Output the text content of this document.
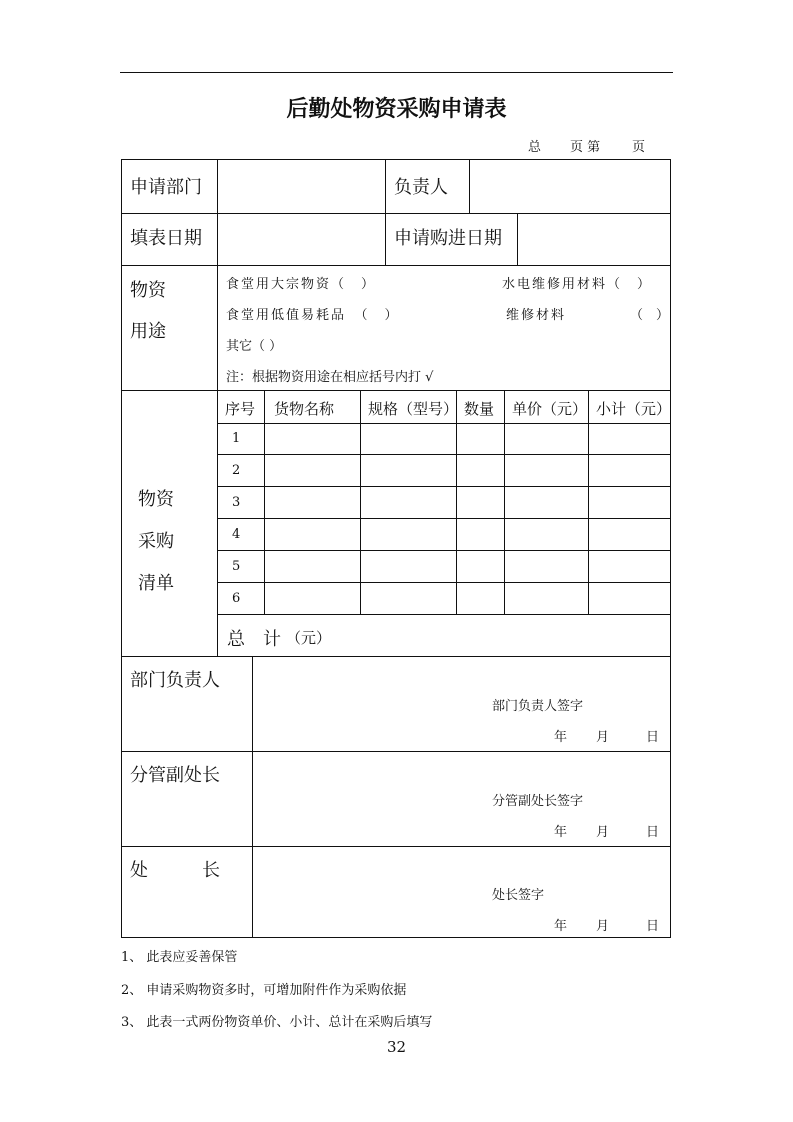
后勤处物资采购申请表
总 页 第 页
申请部门	负责人
填表日期	申请购进日期
物资
用途
食堂用大宗物资（　）	水电维修用材料（　）
食堂用低值易耗品　（　）	维修材料	（　）
其它（ ）
注：根据物资用途在相应括号内打 √
物资
采购
清单
序号 货物名称 规格（型号） 数量 单价（元） 小计（元）
1
2
3
4
5
6
总　计 （元）
部门负责人
部门负责人签字
年 月	日
分管副处长
分管副处长签字
年 月	日
处　　　长
处长签字
年 月	日
1、 此表应妥善保管
2、 申请采购物资多时，可增加附件作为采购依据
3、 此表一式两份物资单价、小计、总计在采购后填写
32
